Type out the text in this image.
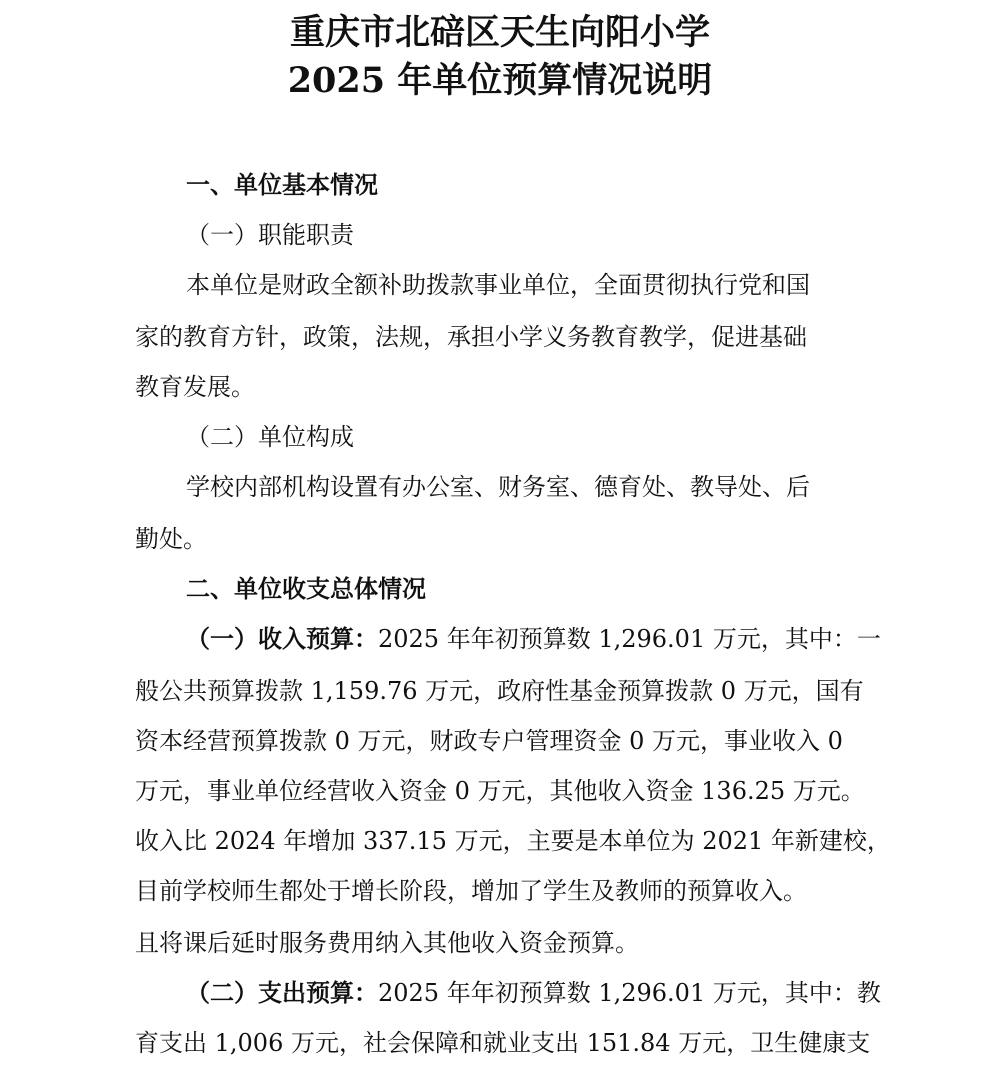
重庆市北碚区天生向阳小学
2025 年单位预算情况说明

一、单位基本情况

（一）职能职责

本单位是财政全额补助拨款事业单位，全面贯彻执行党和国

家的教育方针，政策，法规，承担小学义务教育教学，促进基础

教育发展。

（二）单位构成

学校内部机构设置有办公室、财务室、德育处、教导处、后

勤处。

二、单位收支总体情况

（一）收入预算：2025 年年初预算数 1,296.01 万元，其中：一

般公共预算拨款 1,159.76 万元，政府性基金预算拨款 0 万元，国有

资本经营预算拨款 0 万元，财政专户管理资金 0 万元，事业收入 0

万元，事业单位经营收入资金 0 万元，其他收入资金 136.25 万元。

收入比 2024 年增加 337.15 万元，主要是本单位为 2021 年新建校，

目前学校师生都处于增长阶段，增加了学生及教师的预算收入。

且将课后延时服务费用纳入其他收入资金预算。

（二）支出预算：2025 年年初预算数 1,296.01 万元，其中：教

育支出 1,006 万元，社会保障和就业支出 151.84 万元，卫生健康支
